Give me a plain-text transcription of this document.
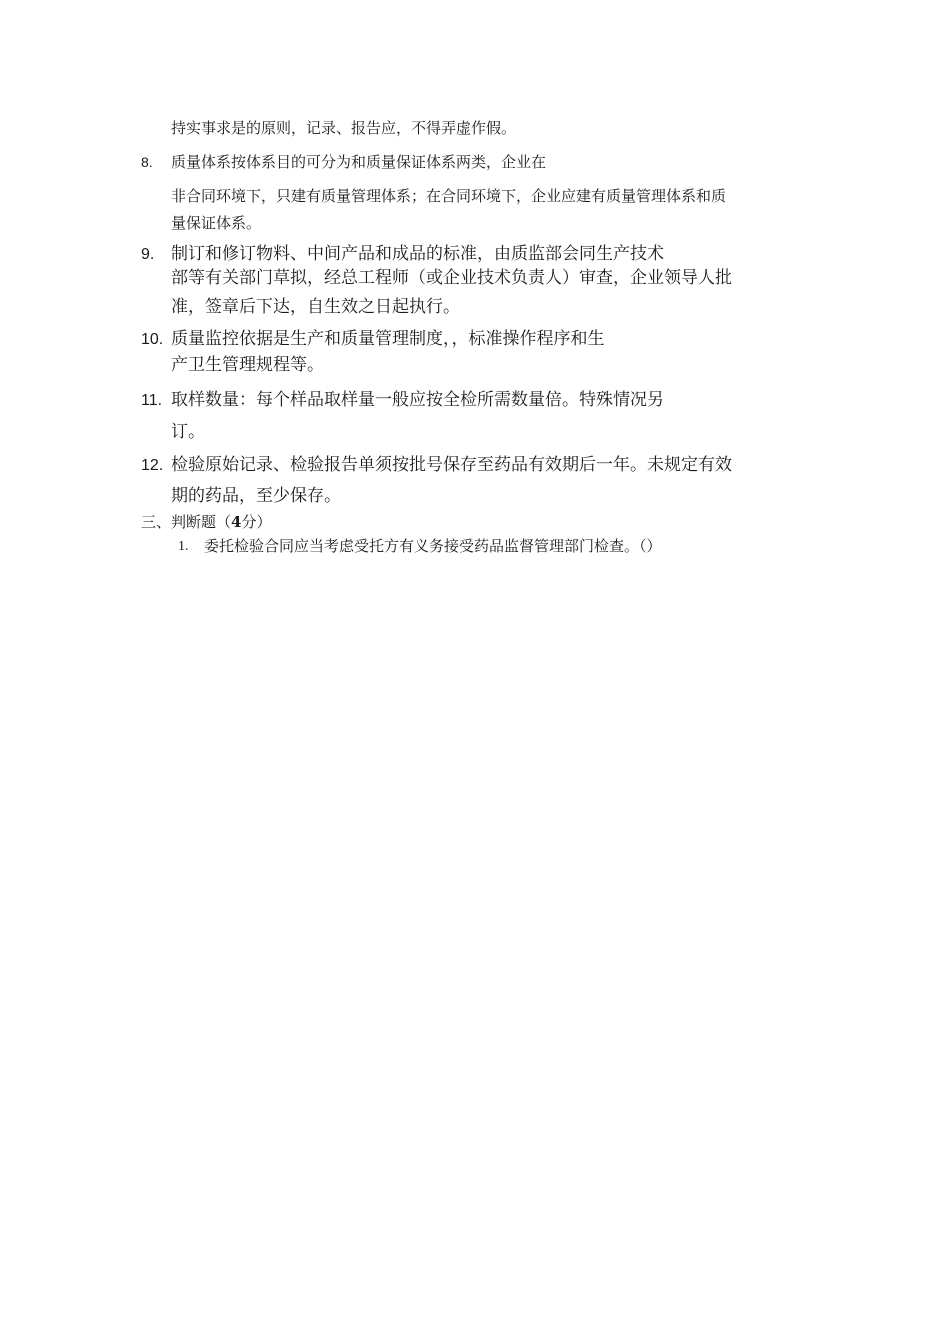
持实事求是的原则，记录、报告应，不得弄虚作假。
8. 质量体系按体系目的可分为和质量保证体系两类，企业在
非合同环境下，只建有质量管理体系；在合同环境下，企业应建有质量管理体系和质
量保证体系。
9. 制订和修订物料、中间产品和成品的标准，由质监部会同生产技术
部等有关部门草拟，经总工程师（或企业技术负责人）审查，企业领导人批
准，签章后下达，自生效之日起执行。
10. 质量监控依据是生产和质量管理制度，，标准操作程序和生
产卫生管理规程等。
11. 取样数量：每个样品取样量一般应按全检所需数量倍。特殊情况另
订。
12. 检验原始记录、检验报告单须按批号保存至药品有效期后一年。未规定有效
期的药品，至少保存。
三、判断题（4分）
1. 委托检验合同应当考虑受托方有义务接受药品监督管理部门检查。（）
